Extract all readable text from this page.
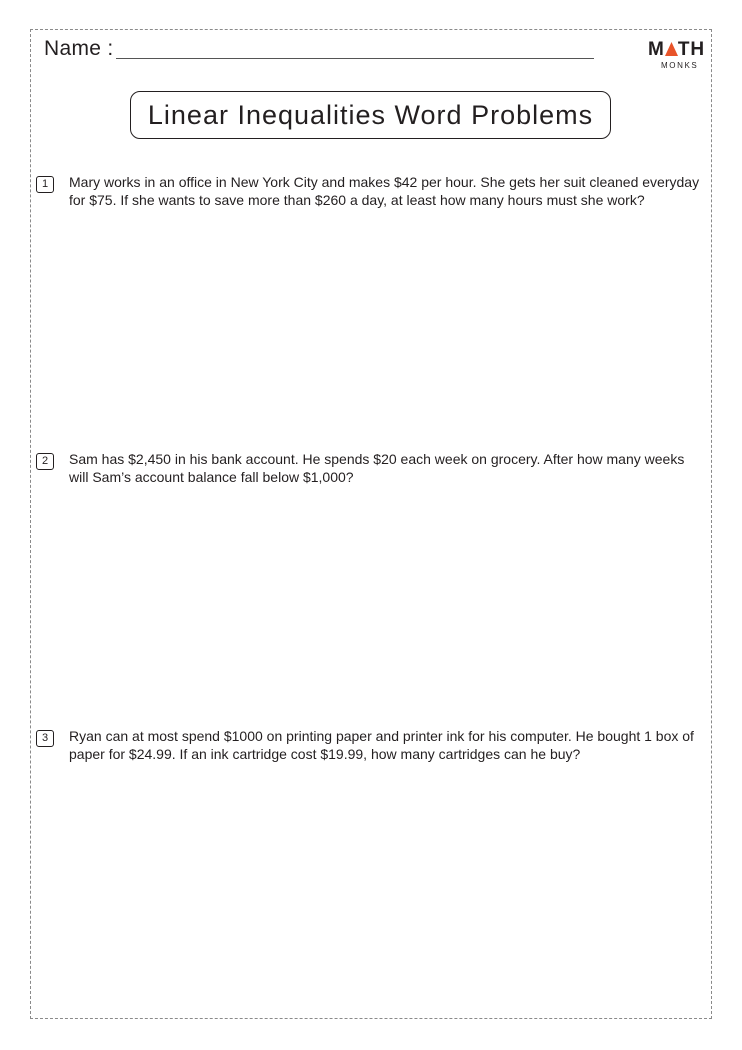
Name :	M TH
MONKS
Linear Inequalities Word Problems
1	Mary works in an office in New York City and makes $42 per hour. She gets her suit cleaned everyday for $75. If she wants to save more than $260 a day, at least how many hours must she work?
2	Sam has $2,450 in his bank account. He spends $20 each week on grocery. After how many weeks will Sam’s account balance fall below $1,000?
3	Ryan can at most spend $1000 on printing paper and printer ink for his computer. He bought 1 box of paper for $24.99. If an ink cartridge cost $19.99, how many cartridges can he buy?
